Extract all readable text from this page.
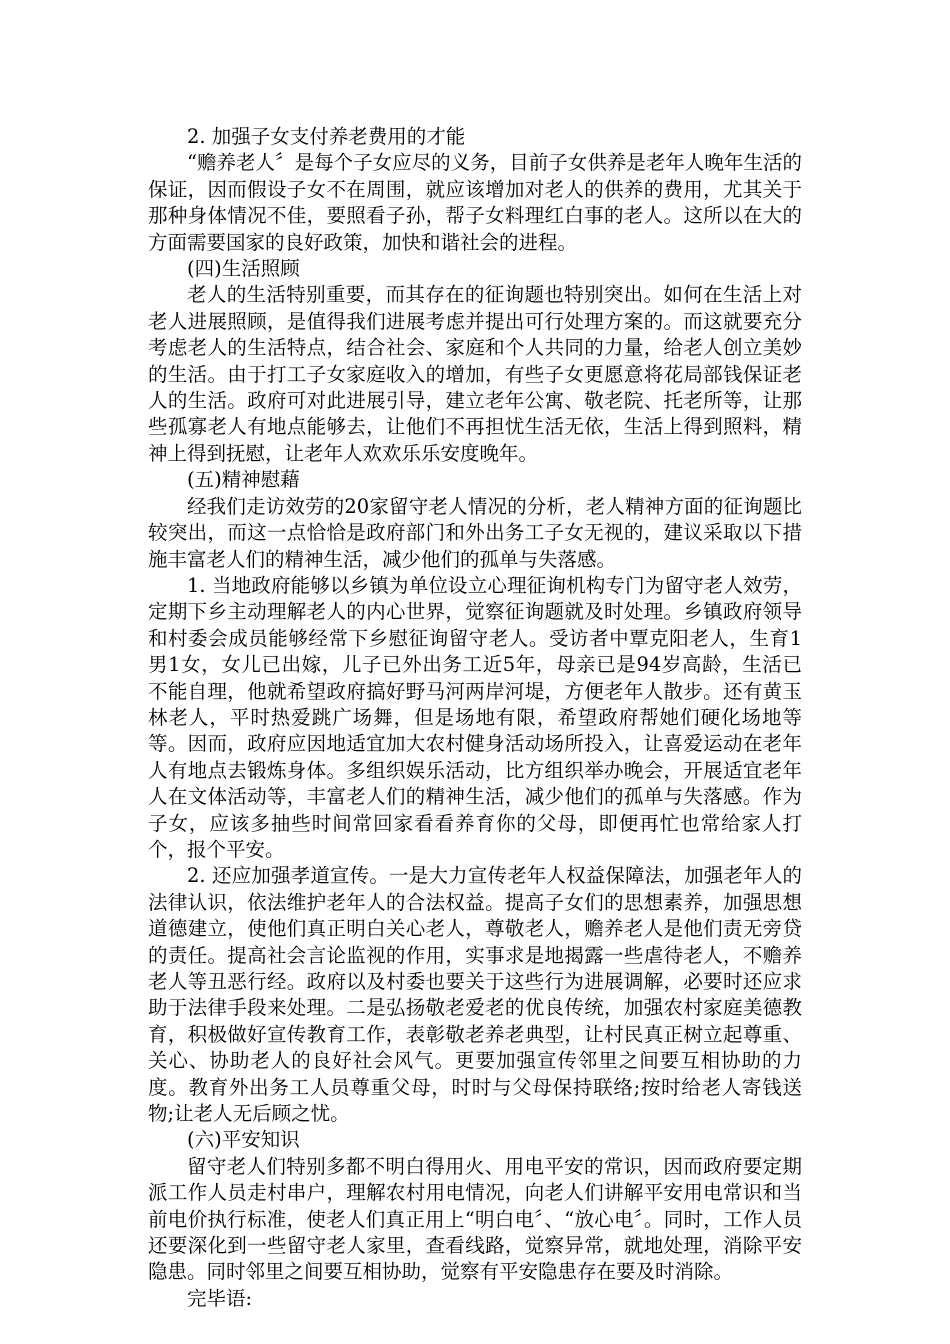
2. 加强子女支付养老费用的才能

“赡养老人〞是每个子女应尽的义务，目前子女供养是老年人晚年生活的保证，因而假设子女不在周围，就应该增加对老人的供养的费用，尤其关于那种身体情况不佳，要照看子孙，帮子女料理红白事的老人。这所以在大的方面需要国家的良好政策，加快和谐社会的进程。

(四)生活照顾

老人的生活特别重要，而其存在的征询题也特别突出。如何在生活上对老人进展照顾，是值得我们进展考虑并提出可行处理方案的。而这就要充分考虑老人的生活特点，结合社会、家庭和个人共同的力量，给老人创立美妙的生活。由于打工子女家庭收入的增加，有些子女更愿意将花局部钱保证老人的生活。政府可对此进展引导，建立老年公寓、敬老院、托老所等，让那些孤寡老人有地点能够去，让他们不再担忧生活无依，生活上得到照料，精神上得到抚慰，让老年人欢欢乐乐安度晚年。

(五)精神慰藉

经我们走访效劳的20家留守老人情况的分析，老人精神方面的征询题比较突出，而这一点恰恰是政府部门和外出务工子女无视的，建议采取以下措施丰富老人们的精神生活，减少他们的孤单与失落感。

1. 当地政府能够以乡镇为单位设立心理征询机构专门为留守老人效劳，定期下乡主动理解老人的内心世界，觉察征询题就及时处理。乡镇政府领导和村委会成员能够经常下乡慰征询留守老人。受访者中覃克阳老人，生育1男1女，女儿已出嫁，儿子已外出务工近5年，母亲已是94岁高龄，生活已不能自理，他就希望政府搞好野马河两岸河堤，方便老年人散步。还有黄玉林老人，平时热爱跳广场舞，但是场地有限，希望政府帮她们硬化场地等等。因而，政府应因地适宜加大农村健身活动场所投入，让喜爱运动在老年人有地点去锻炼身体。多组织娱乐活动，比方组织举办晚会，开展适宜老年人在文体活动等，丰富老人们的精神生活，减少他们的孤单与失落感。作为子女，应该多抽些时间常回家看看养育你的父母，即便再忙也常给家人打个，报个平安。

2. 还应加强孝道宣传。一是大力宣传老年人权益保障法，加强老年人的法律认识，依法维护老年人的合法权益。提高子女们的思想素养，加强思想道德建立，使他们真正明白关心老人，尊敬老人，赡养老人是他们责无旁贷的责任。提高社会言论监视的作用，实事求是地揭露一些虐待老人，不赡养老人等丑恶行经。政府以及村委也要关于这些行为进展调解，必要时还应求助于法律手段来处理。二是弘扬敬老爱老的优良传统，加强农村家庭美德教育，积极做好宣传教育工作，表彰敬老养老典型，让村民真正树立起尊重、关心、协助老人的良好社会风气。更要加强宣传邻里之间要互相协助的力度。教育外出务工人员尊重父母，时时与父母保持联络;按时给老人寄钱送物;让老人无后顾之忧。

(六)平安知识

留守老人们特别多都不明白得用火、用电平安的常识，因而政府要定期派工作人员走村串户，理解农村用电情况，向老人们讲解平安用电常识和当前电价执行标准，使老人们真正用上“明白电〞、“放心电〞。同时，工作人员还要深化到一些留守老人家里，查看线路，觉察异常，就地处理，消除平安隐患。同时邻里之间要互相协助，觉察有平安隐患存在要及时消除。

完毕语:
